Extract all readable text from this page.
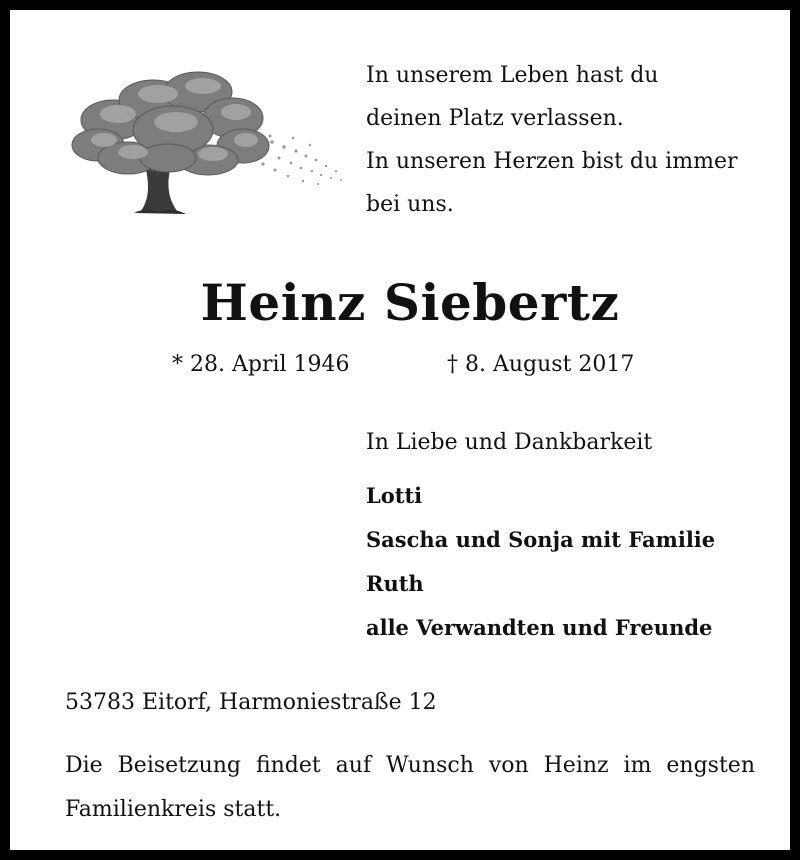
In unserem Leben hast du
deinen Platz verlassen.
In unseren Herzen bist du immer
bei uns.
Heinz Siebertz
* 28. April 1946	† 8. August 2017
In Liebe und Dankbarkeit
Lotti
Sascha und Sonja mit Familie
Ruth
alle Verwandten und Freunde
53783 Eitorf, Harmoniestraße 12
Die Beisetzung findet auf Wunsch von Heinz im engsten Familienkreis statt.
